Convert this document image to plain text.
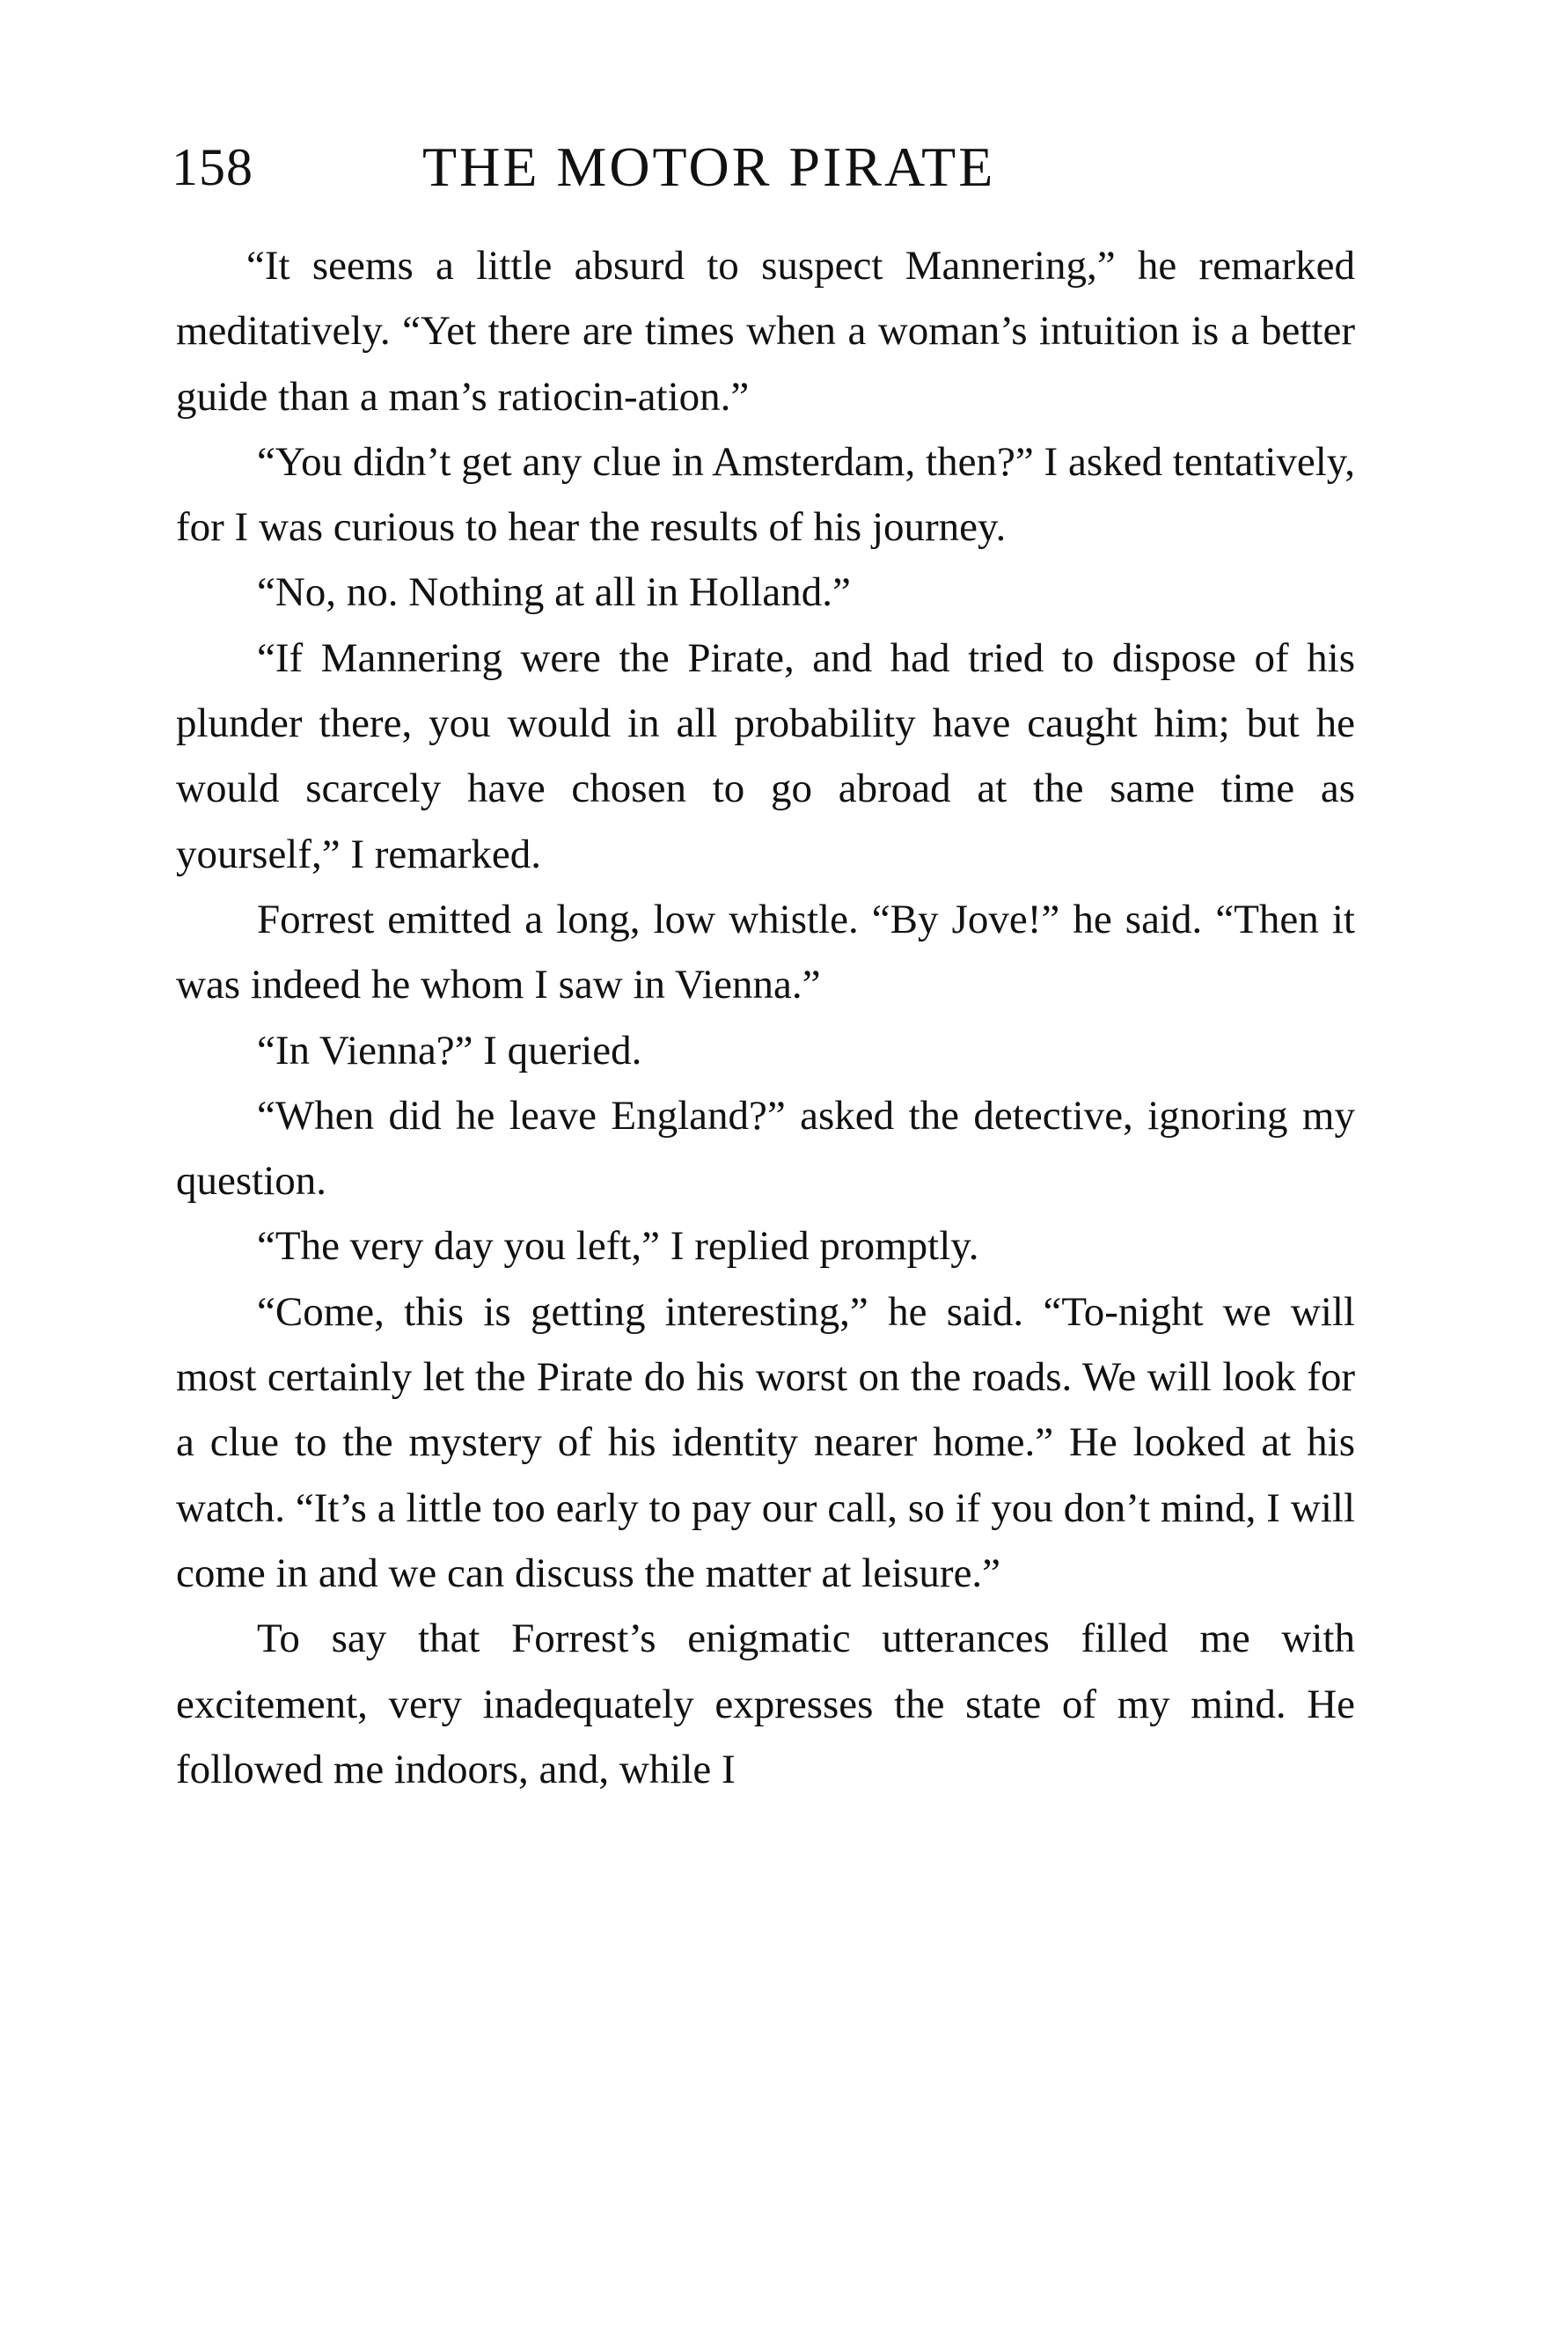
158	THE MOTOR PIRATE

“It seems a little absurd to suspect Mannering,” he remarked meditatively. “Yet there are times when a woman’s intuition is a better guide than a man’s ratiocin-ation.”

“You didn’t get any clue in Amsterdam, then?” I asked tentatively, for I was curious to hear the results of his journey.

“No, no. Nothing at all in Holland.”

“If Mannering were the Pirate, and had tried to dispose of his plunder there, you would in all probability have caught him; but he would scarcely have chosen to go abroad at the same time as yourself,” I remarked.

Forrest emitted a long, low whistle. “By Jove!” he said. “Then it was indeed he whom I saw in Vienna.”

“In Vienna?” I queried.

“When did he leave England?” asked the detective, ignoring my question.

“The very day you left,” I replied promptly.

“Come, this is getting interesting,” he said. “To-night we will most certainly let the Pirate do his worst on the roads. We will look for a clue to the mystery of his identity nearer home.” He looked at his watch. “It’s a little too early to pay our call, so if you don’t mind, I will come in and we can discuss the matter at leisure.”

To say that Forrest’s enigmatic utterances filled me with excitement, very inadequately expresses the state of my mind. He followed me indoors, and, while I
